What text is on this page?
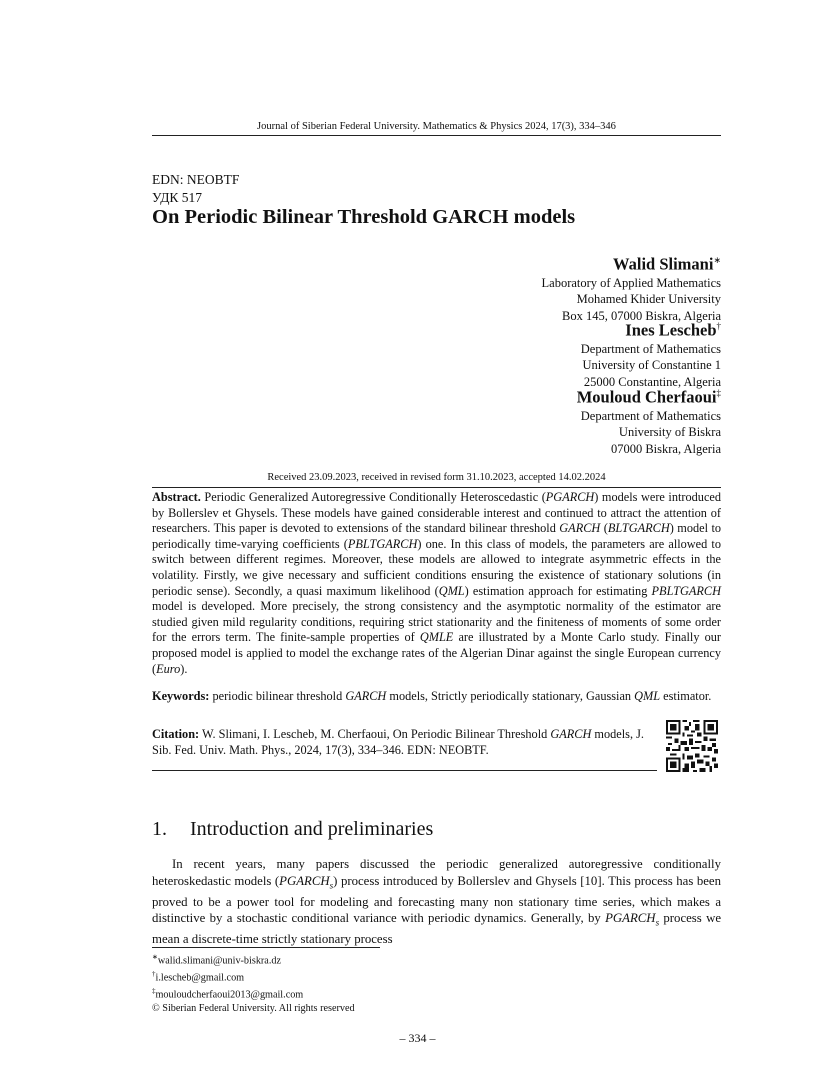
Journal of Siberian Federal University. Mathematics & Physics 2024, 17(3), 334–346
EDN: NEOBTF
УДК 517
On Periodic Bilinear Threshold GARCH models
Walid Slimani∗
Laboratory of Applied Mathematics
Mohamed Khider University
Box 145, 07000 Biskra, Algeria
Ines Lescheb†
Department of Mathematics
University of Constantine 1
25000 Constantine, Algeria
Mouloud Cherfaoui‡
Department of Mathematics
University of Biskra
07000 Biskra, Algeria
Received 23.09.2023, received in revised form 31.10.2023, accepted 14.02.2024
Abstract. Periodic Generalized Autoregressive Conditionally Heteroscedastic (PGARCH) models were introduced by Bollerslev et Ghysels. These models have gained considerable interest and continued to attract the attention of researchers. This paper is devoted to extensions of the standard bilinear threshold GARCH (BLTGARCH) model to periodically time-varying coefficients (PBLTGARCH) one. In this class of models, the parameters are allowed to switch between different regimes. Moreover, these models are allowed to integrate asymmetric effects in the volatility. Firstly, we give necessary and sufficient conditions ensuring the existence of stationary solutions (in periodic sense). Secondly, a quasi maximum likelihood (QML) estimation approach for estimating PBLTGARCH model is developed. More precisely, the strong consistency and the asymptotic normality of the estimator are studied given mild regularity conditions, requiring strict stationarity and the finiteness of moments of some order for the errors term. The finite-sample properties of QMLE are illustrated by a Monte Carlo study. Finally our proposed model is applied to model the exchange rates of the Algerian Dinar against the single European currency (Euro).
Keywords: periodic bilinear threshold GARCH models, Strictly periodically stationary, Gaussian QML estimator.
Citation: W. Slimani, I. Lescheb, M. Cherfaoui, On Periodic Bilinear Threshold GARCH models, J. Sib. Fed. Univ. Math. Phys., 2024, 17(3), 334–346. EDN: NEOBTF.
1. Introduction and preliminaries
In recent years, many papers discussed the periodic generalized autoregressive conditionally heteroskedastic models $(PGARCH_s)$ process introduced by Bollerslev and Ghysels [10]. This process has been proved to be a power tool for modeling and forecasting many non stationary time series, which makes a distinctive by a stochastic conditional variance with periodic dynamics. Generally, by $PGARCH_s$ process we mean a discrete-time strictly stationary process
∗walid.slimani@univ-biskra.dz
†i.lescheb@gmail.com
‡mouloudcherfaoui2013@gmail.com
© Siberian Federal University. All rights reserved
– 334 –
